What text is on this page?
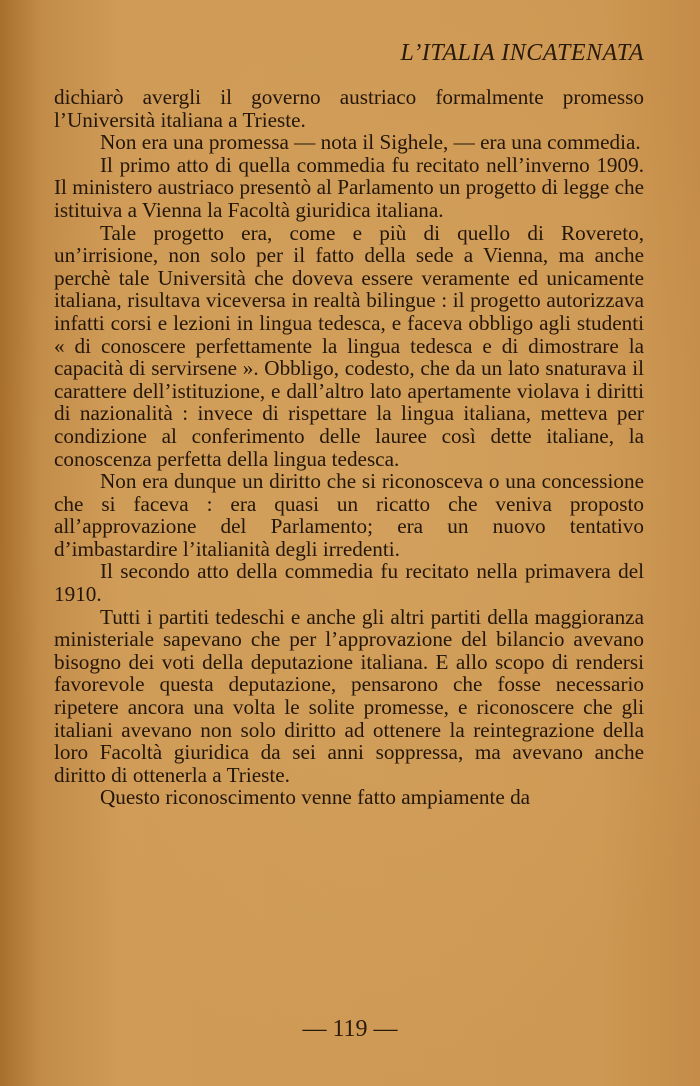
L’ITALIA INCATENATA

dichiarò avergli il governo austriaco formalmente promesso l’Università italiana a Trieste.

Non era una promessa — nota il Sighele, — era una commedia.

Il primo atto di quella commedia fu recitato nell’inverno 1909. Il ministero austriaco presentò al Parlamento un progetto di legge che istituiva a Vienna la Facoltà giuridica italiana.

Tale progetto era, come e più di quello di Rovereto, un’irrisione, non solo per il fatto della sede a Vienna, ma anche perchè tale Università che doveva essere veramente ed unicamente italiana, risultava viceversa in realtà bilingue : il progetto autorizzava infatti corsi e lezioni in lingua tedesca, e faceva obbligo agli studenti « di conoscere perfettamente la lingua tedesca e di dimostrare la capacità di servirsene ». Obbligo, codesto, che da un lato snaturava il carattere dell’istituzione, e dall’altro lato apertamente violava i diritti di nazionalità : invece di rispettare la lingua italiana, metteva per condizione al conferimento delle lauree così dette italiane, la conoscenza perfetta della lingua tedesca.

Non era dunque un diritto che si riconosceva o una concessione che si faceva : era quasi un ricatto che veniva proposto all’approvazione del Parlamento; era un nuovo tentativo d’imbastardire l’italianità degli irredenti.

Il secondo atto della commedia fu recitato nella primavera del 1910.

Tutti i partiti tedeschi e anche gli altri partiti della maggioranza ministeriale sapevano che per l’approvazione del bilancio avevano bisogno dei voti della deputazione italiana. E allo scopo di rendersi favorevole questa deputazione, pensarono che fosse necessario ripetere ancora una volta le solite promesse, e riconoscere che gli italiani avevano non solo diritto ad ottenere la reintegrazione della loro Facoltà giuridica da sei anni soppressa, ma avevano anche diritto di ottenerla a Trieste.

Questo riconoscimento venne fatto ampiamente da

— 119 —
